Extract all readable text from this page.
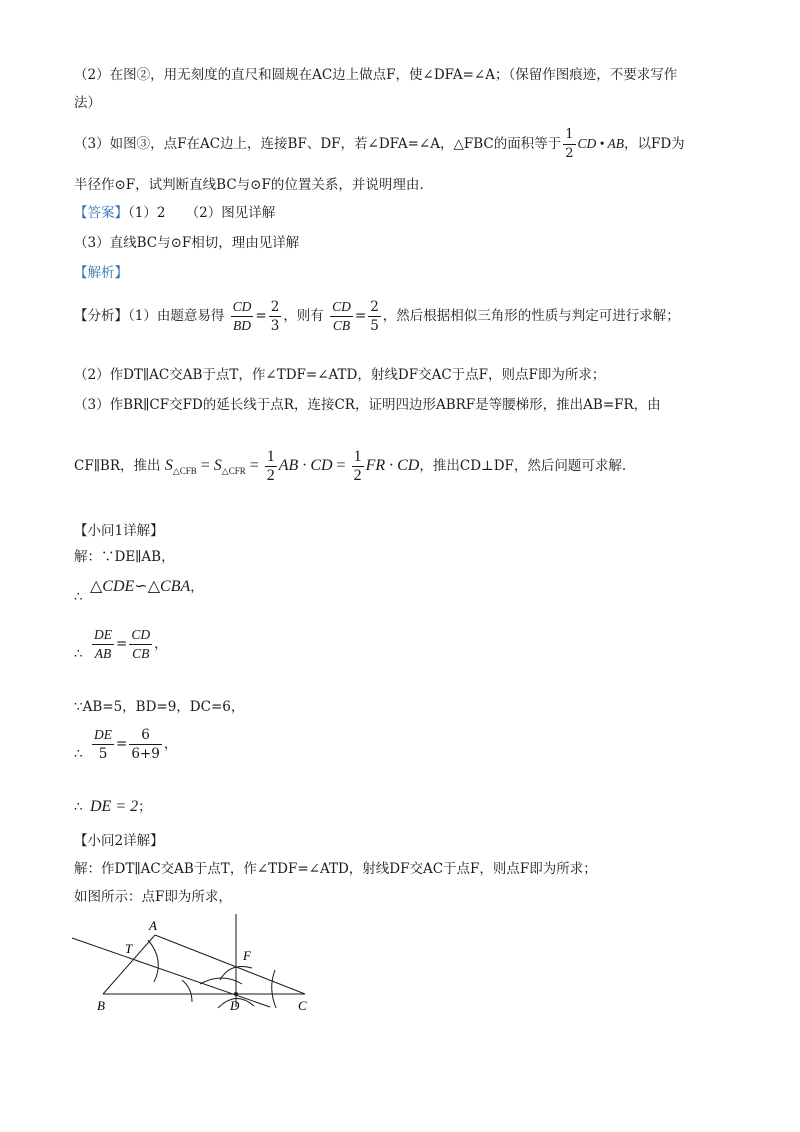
（2）在图②，用无刻度的直尺和圆规在AC边上做点F，使∠DFA=∠A；（保留作图痕迹，不要求写作
法）
（3）如图③，点F在AC边上，连接BF、DF，若∠DFA=∠A，△FBC的面积等于 $\frac{1}{2}$ CD • AB，以FD为
半径作⊙F，试判断直线BC与⊙F的位置关系，并说明理由.
【答案】（1）2　　（2）图见详解
（3）直线BC与⊙F相切，理由见详解
【解析】
【分析】（1）由题意易得 $\frac{CD}{BD} = \frac{2}{3}$ ，则有 $\frac{CD}{CB} = \frac{2}{5}$ ，然后根据相似三角形的性质与判定可进行求解；
（2）作DT∥AC交AB于点T，作∠TDF=∠ATD，射线DF交AC于点F，则点F即为所求；
（3）作BR∥CF交FD的延长线于点R，连接CR，证明四边形ABRF是等腰梯形，推出AB=FR，由
CF∥BR，推出 $S_{\triangle CFB} = S_{\triangle CFR} = \frac{1}{2}$ AB · CD = $\frac{1}{2}$ FR · CD，推出CD⊥DF，然后问题可求解.
【小问1详解】
解：∵DE∥AB，
∴△CDE∽△CBA，
∴ $\frac{DE}{AB} = \frac{CD}{CB}$ ，
∵AB=5，BD=9，DC=6，
∴ $\frac{DE}{5} = \frac{6}{6+9}$ ，
∴ DE = 2；
【小问2详解】
解：作DT∥AC交AB于点T，作∠TDF=∠ATD，射线DF交AC于点F，则点F即为所求；
如图所示：点F即为所求，
A
T	F
B	D	C
